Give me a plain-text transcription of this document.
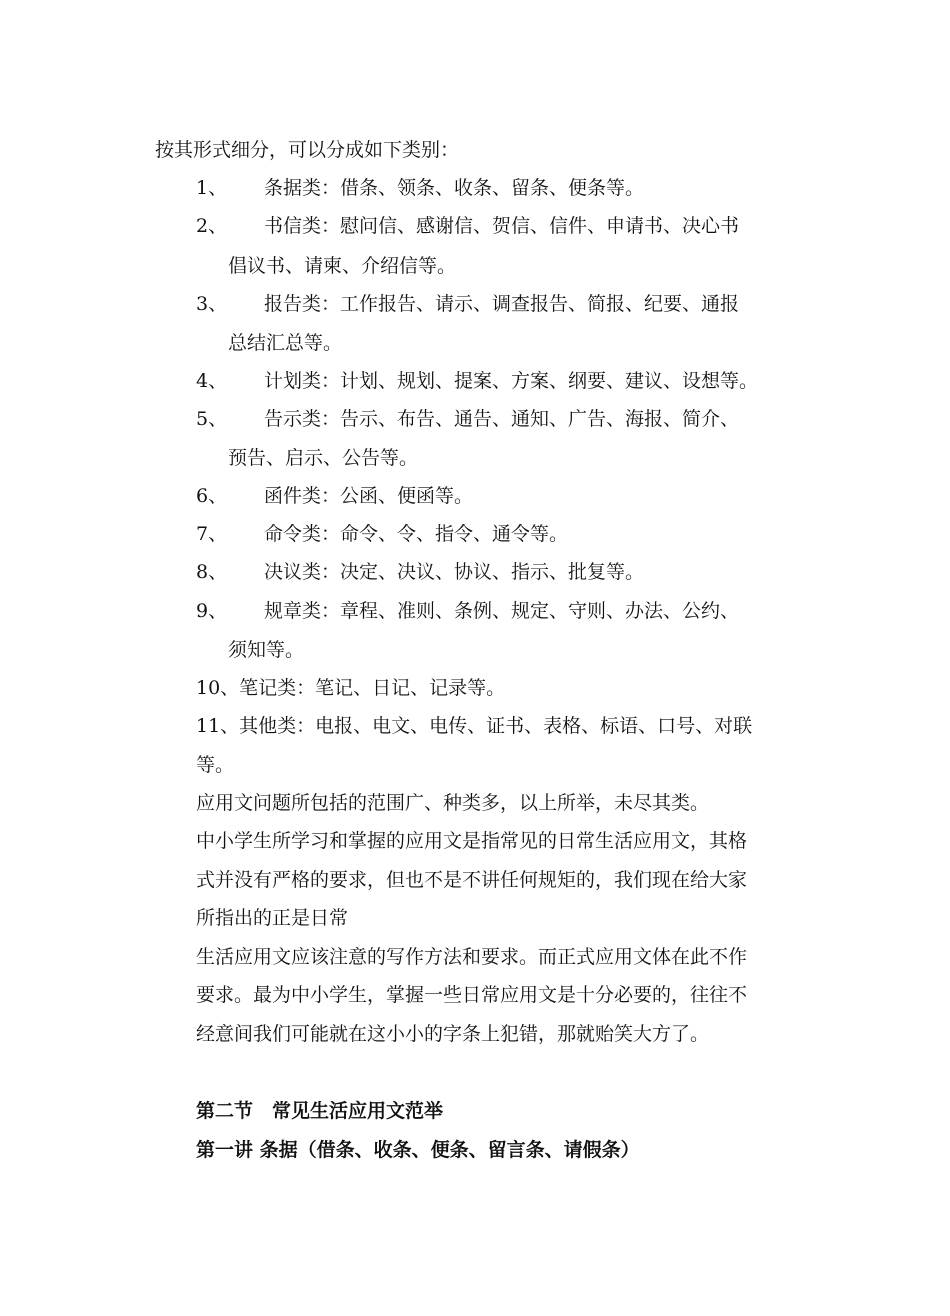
按其形式细分，可以分成如下类别：
1、 条据类：借条、领条、收条、留条、便条等。
2、 书信类：慰问信、感谢信、贺信、信件、申请书、决心书
倡议书、请柬、介绍信等。
3、 报告类：工作报告、请示、调查报告、简报、纪要、通报
总结汇总等。
4、 计划类：计划、规划、提案、方案、纲要、建议、设想等。
5、 告示类：告示、布告、通告、通知、广告、海报、简介、
预告、启示、公告等。
6、 函件类：公函、便函等。
7、 命令类：命令、令、指令、通令等。
8、 决议类：决定、决议、协议、指示、批复等。
9、 规章类：章程、准则、条例、规定、守则、办法、公约、
须知等。
10、笔记类：笔记、日记、记录等。
11、其他类：电报、电文、电传、证书、表格、标语、口号、对联
等。
应用文问题所包括的范围广、种类多，以上所举，未尽其类。
中小学生所学习和掌握的应用文是指常见的日常生活应用文，其格
式并没有严格的要求，但也不是不讲任何规矩的，我们现在给大家
所指出的正是日常
生活应用文应该注意的写作方法和要求。而正式应用文体在此不作
要求。最为中小学生，掌握一些日常应用文是十分必要的，往往不
经意间我们可能就在这小小的字条上犯错，那就贻笑大方了。
第二节　常见生活应用文范举
第一讲 条据（借条、收条、便条、留言条、请假条）
